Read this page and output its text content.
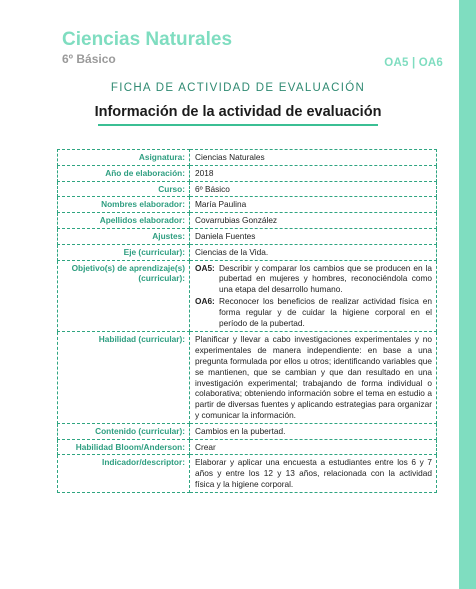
Ciencias Naturales
6º Básico	OA5 | OA6
FICHA DE ACTIVIDAD DE EVALUACIÓN
Información de la actividad de evaluación
Asignatura:	Ciencias Naturales
Año de elaboración:	2018
Curso:	6º Básico
Nombres elaborador:	María Paulina
Apellidos elaborador:	Covarrubias González
Ajustes:	Daniela Fuentes
Eje (curricular):	Ciencias de la Vida.
Objetivo(s) de aprendizaje(s) (curricular):	OA5: Describir y comparar los cambios que se producen en la pubertad en mujeres y hombres, reconociéndola como una etapa del desarrollo humano.
OA6: Reconocer los beneficios de realizar actividad física en forma regular y de cuidar la higiene corporal en el período de la pubertad.

Habilidad (curricular):	Planificar y llevar a cabo investigaciones experimentales y no experimentales de manera independiente: en base a una pregunta formulada por ellos u otros; identificando variables que se mantienen, que se cambian y que dan resultado en una investigación experimental; trabajando de forma individual o colaborativa; obteniendo información sobre el tema en estudio a partir de diversas fuentes y aplicando estrategias para organizar y comunicar la información.
Contenido (curricular):	Cambios en la pubertad.
Habilidad Bloom/Anderson:	Crear
Indicador/descriptor:	Elaborar y aplicar una encuesta a estudiantes entre los 6 y 7 años y entre los 12 y 13 años, relacionada con la actividad física y la higiene corporal.
